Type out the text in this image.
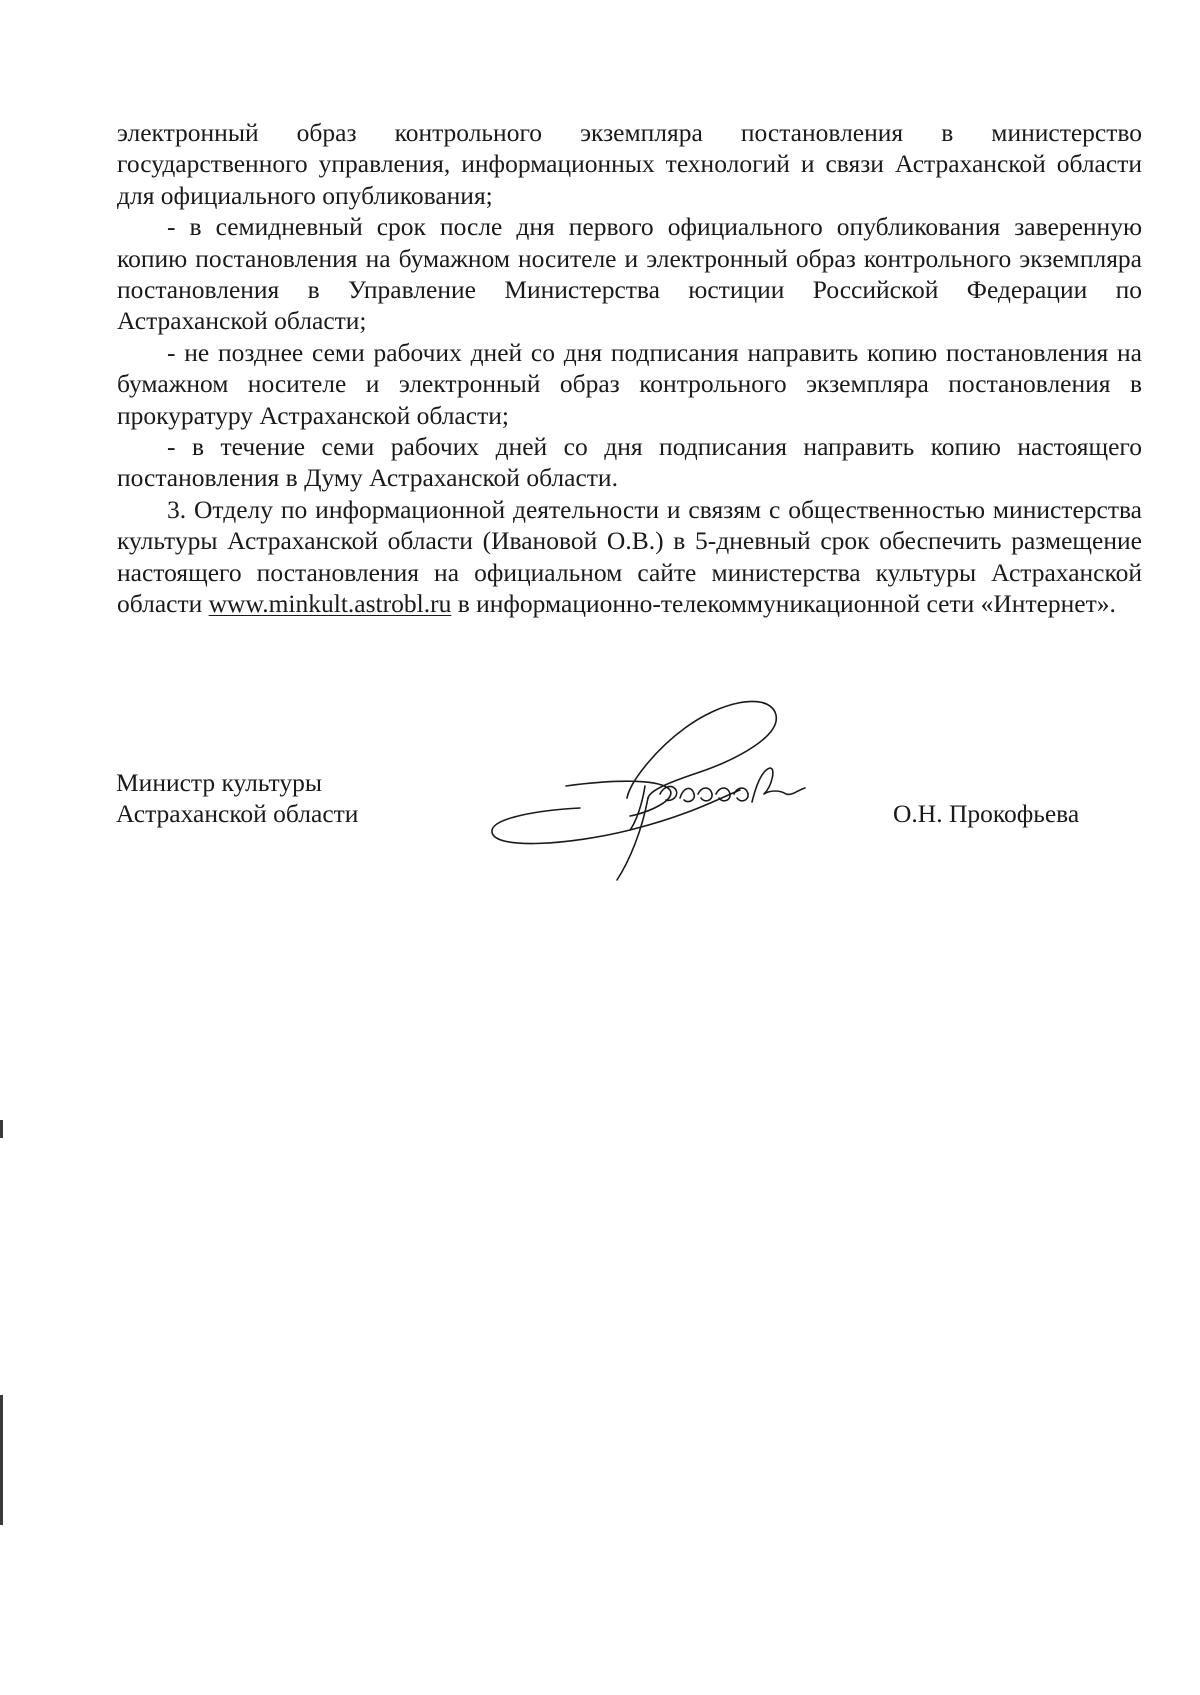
электронный образ контрольного экземпляра постановления в министерство государственного управления, информационных технологий и связи Астраханской области для официального опубликования;

- в семидневный срок после дня первого официального опубликования заверенную копию постановления на бумажном носителе и электронный образ контрольного экземпляра постановления в Управление Министерства юстиции Российской Федерации по Астраханской области;

- не позднее семи рабочих дней со дня подписания направить копию постановления на бумажном носителе и электронный образ контрольного экземпляра постановления в прокуратуру Астраханской области;

- в течение семи рабочих дней со дня подписания направить копию настоящего постановления в Думу Астраханской области.

3. Отделу по информационной деятельности и связям с общественностью министерства культуры Астраханской области (Ивановой О.В.) в 5-дневный срок обеспечить размещение настоящего постановления на официальном сайте министерства культуры Астраханской области www.minkult.astrobl.ru в информационно-телекоммуникационной сети «Интернет».

Министр культуры
Астраханской области	О.Н. Прокофьева
